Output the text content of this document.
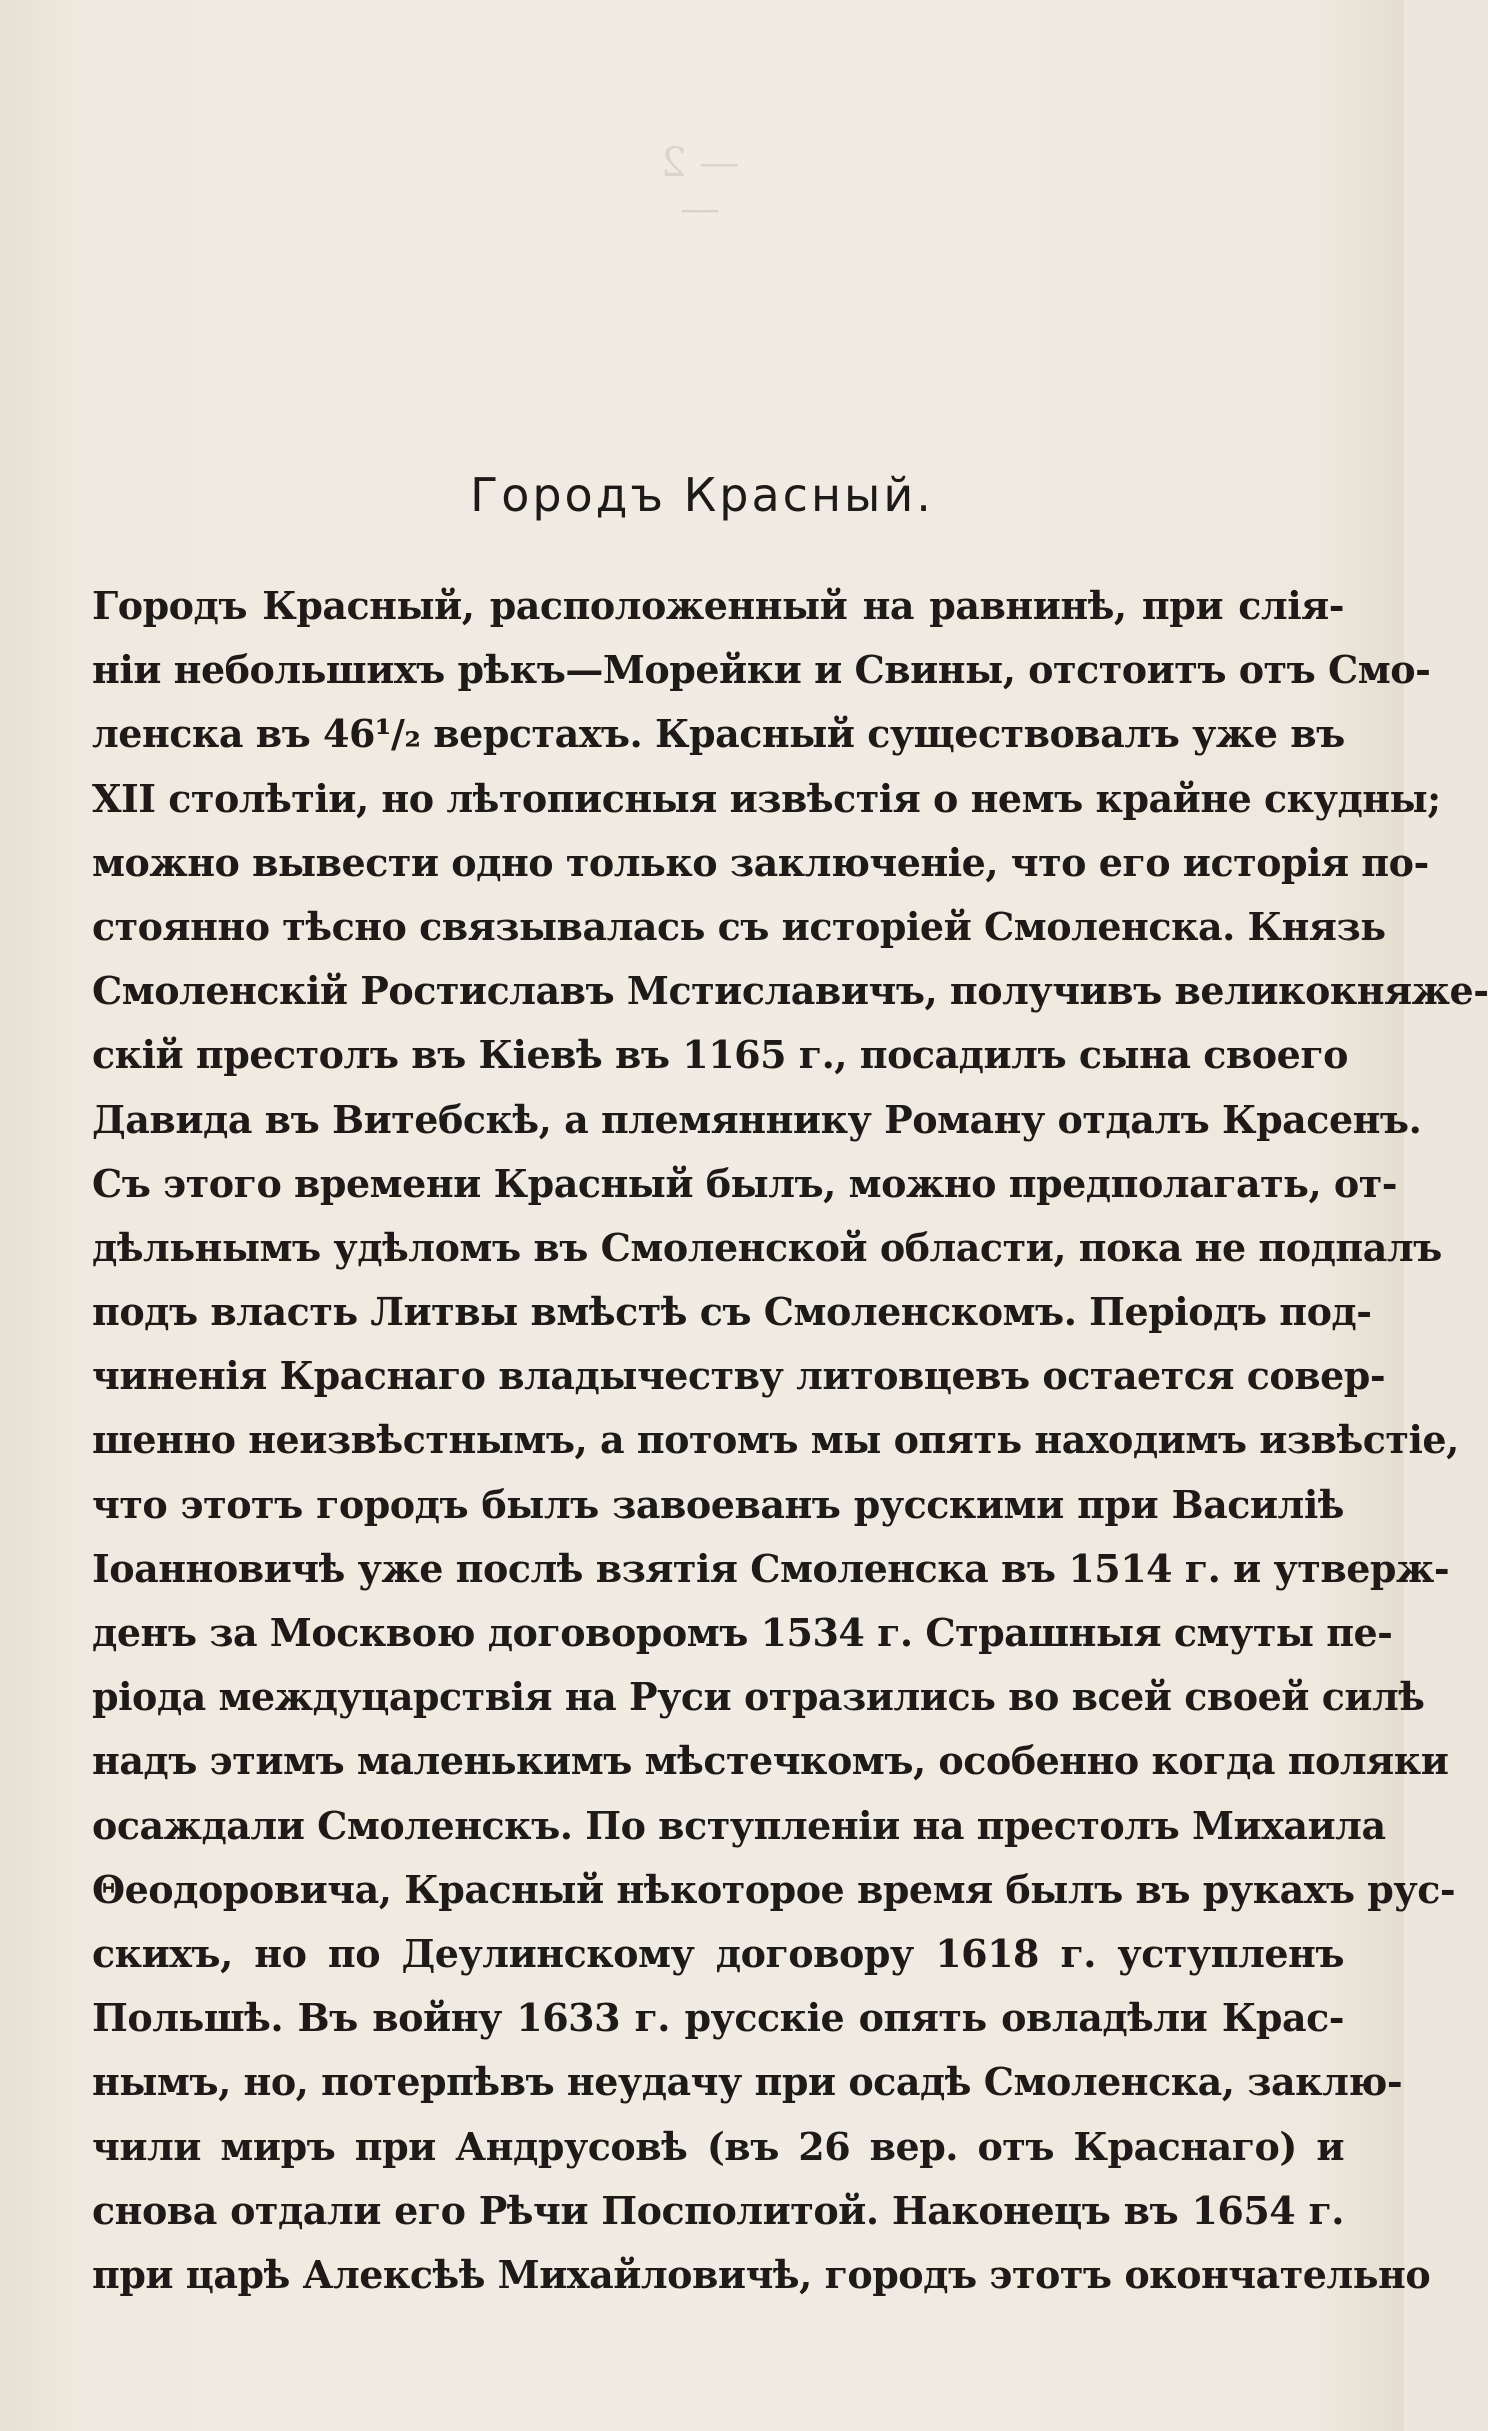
— 2 —
Городъ Красный.
Городъ Красный, расположенный на равнинѣ, при слія-
ніи небольшихъ рѣкъ—Морейки и Свины, отстоитъ отъ Смо-
ленска въ 46¹/₂ верстахъ. Красный существовалъ уже въ
XII столѣтіи, но лѣтописныя извѣстія о немъ крайне скудны;
можно вывести одно только заключеніе, что его исторія по-
стоянно тѣсно связывалась съ исторіей Смоленска. Князь
Смоленскій Ростиславъ Мстиславичъ, получивъ великокняже-
скій престолъ въ Кіевѣ въ 1165 г., посадилъ сына своего
Давида въ Витебскѣ, а племяннику Роману отдалъ Красенъ.
Съ этого времени Красный былъ, можно предполагать, от-
дѣльнымъ удѣломъ въ Смоленской области, пока не подпалъ
подъ власть Литвы вмѣстѣ съ Смоленскомъ. Періодъ под-
чиненія Краснаго владычеству литовцевъ остается совер-
шенно неизвѣстнымъ, а потомъ мы опять находимъ извѣстіе,
что этотъ городъ былъ завоеванъ русскими при Василіѣ
Іоанновичѣ уже послѣ взятія Смоленска въ 1514 г. и утверж-
денъ за Москвою договоромъ 1534 г. Страшныя смуты пе-
ріода междуцарствія на Руси отразились во всей своей силѣ
надъ этимъ маленькимъ мѣстечкомъ, особенно когда поляки
осаждали Смоленскъ. По вступленіи на престолъ Михаила
Θеодоровича, Красный нѣкоторое время былъ въ рукахъ рус-
скихъ, но по Деулинскому договору 1618 г. уступленъ
Польшѣ. Въ войну 1633 г. русскіе опять овладѣли Крас-
нымъ, но, потерпѣвъ неудачу при осадѣ Смоленска, заклю-
чили миръ при Андрусовѣ (въ 26 вер. отъ Краснаго) и
снова отдали его Рѣчи Посполитой. Наконецъ въ 1654 г.
при царѣ Алексѣѣ Михайловичѣ, городъ этотъ окончательно
